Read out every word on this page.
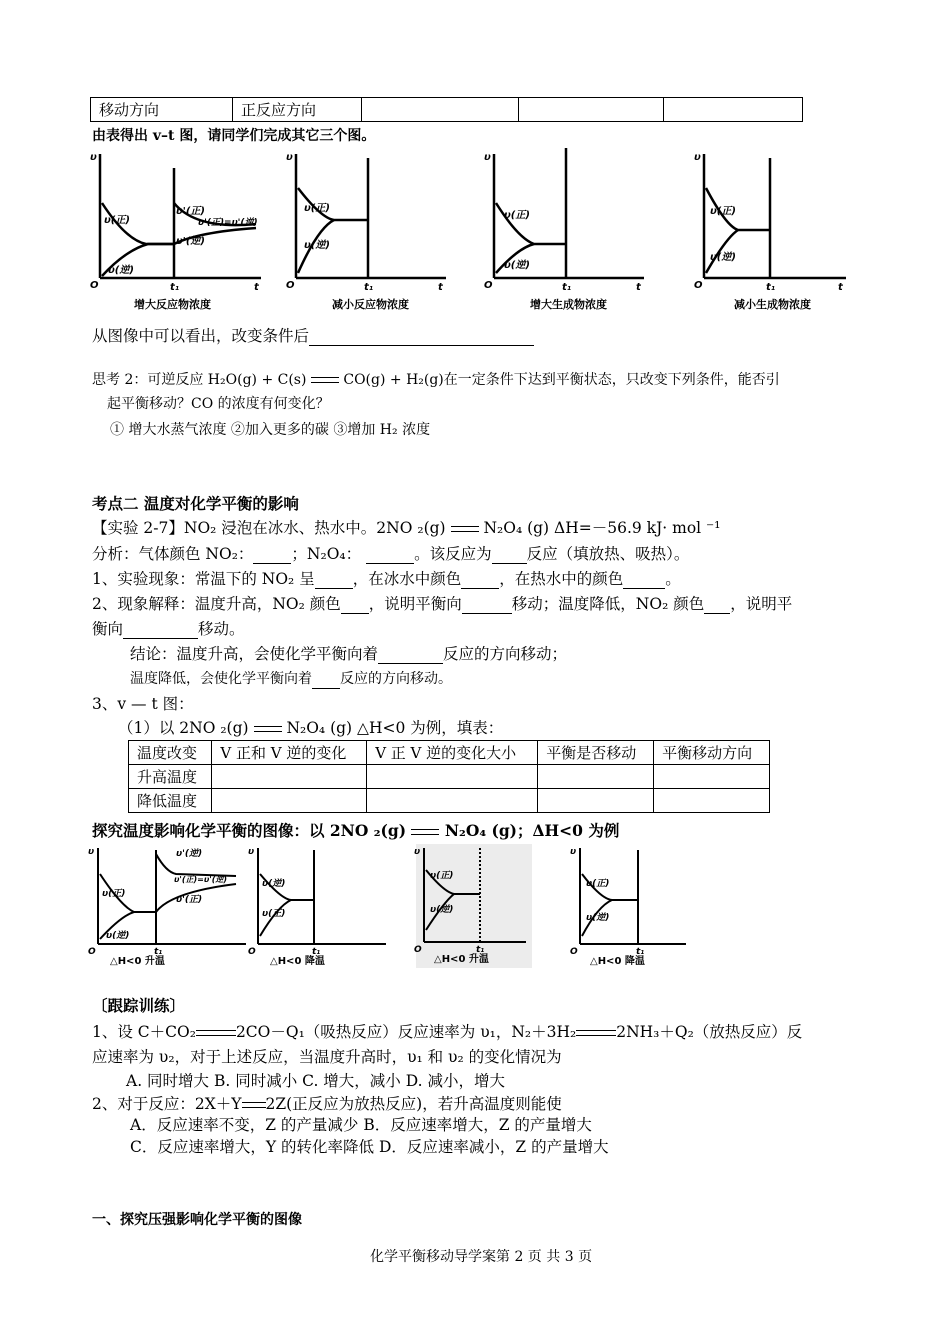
移动方向	正反应方向			
由表得出 v–t 图，请同学们完成其它三个图。
υ
O	t
t₁
υ(正)
υ(逆)
υ'(正)
υ'(正)=υ'(逆)
υ'(逆)
υ
O	t
t₁
υ(正)
υ(逆)
υ
O	t
t₁
υ(正)
υ(逆)
υ
O	t
t₁
υ(正)
υ(逆)
增大反应物浓度	减小反应物浓度	增大生成物浓度	减小生成物浓度
从图像中可以看出，改变条件后
思考 2：可逆反应 H₂O(g) + C(s)	CO(g) + H₂(g)在一定条件下达到平衡状态，只改变下列条件，能否引
起平衡移动？CO 的浓度有何变化？
① 增大水蒸气浓度 ②加入更多的碳 ③增加 H₂ 浓度
考点二 温度对化学平衡的影响
【实验 2-7】NO₂ 浸泡在冰水、热水中。2NO ₂(g) N₂O₄ (g) ΔH=－56.9 kJ· mol ⁻¹
分析：气体颜色 NO₂： ；N₂O₄：	。该反应为 反应（填放热、吸热）。
1、实验现象：常温下的 NO₂ 呈 ，在冰水中颜色 ，在热水中的颜色	。
2、现象解释：温度升高，NO₂ 颜色 ，说明平衡向	移动；温度降低，NO₂ 颜色 ，说明平
衡向	移动。
结论：温度升高，会使化学平衡向着	反应的方向移动；
温度降低，会使化学平衡向着 反应的方向移动。
3、v — t 图：
（1）以 2NO ₂(g) N₂O₄ (g) △H<0 为例，填表：
温度改变	V 正和 V 逆的变化	V 正 V 逆的变化大小	平衡是否移动	平衡移动方向
升高温度				
降低温度				
探究温度影响化学平衡的图像：以 2NO ₂(g)	N₂O₄ (g)；ΔH<0 为例
υ
O	t₁
υ(正)
υ(逆)
υ'(逆)
υ'(正)=υ'(逆)
υ'(正)
υ
O	t₁
υ(逆)
υ(正)
υ
O	t₁
υ(正)
υ(逆)
υ
O	t₁
υ(正)
υ(逆)
△H<0 升温	△H<0 降温	△H<0 升温	△H<0 降温
〔跟踪训练〕
1、设 C＋CO₂	2CO－Q₁（吸热反应）反应速率为 υ₁，N₂＋3H₂	2NH₃＋Q₂（放热反应）反
应速率为 υ₂，对于上述反应，当温度升高时，υ₁ 和 υ₂ 的变化情况为
A. 同时增大 B. 同时减小 C. 增大，减小 D. 减小，增大
2、对于反应：2X＋Y 2Z(正反应为放热反应)，若升高温度则能使
A．反应速率不变，Z 的产量减少 B．反应速率增大，Z 的产量增大
C．反应速率增大，Y 的转化率降低 D．反应速率减小，Z 的产量增大
一、探究压强影响化学平衡的图像
化学平衡移动导学案第 2 页 共 3 页
